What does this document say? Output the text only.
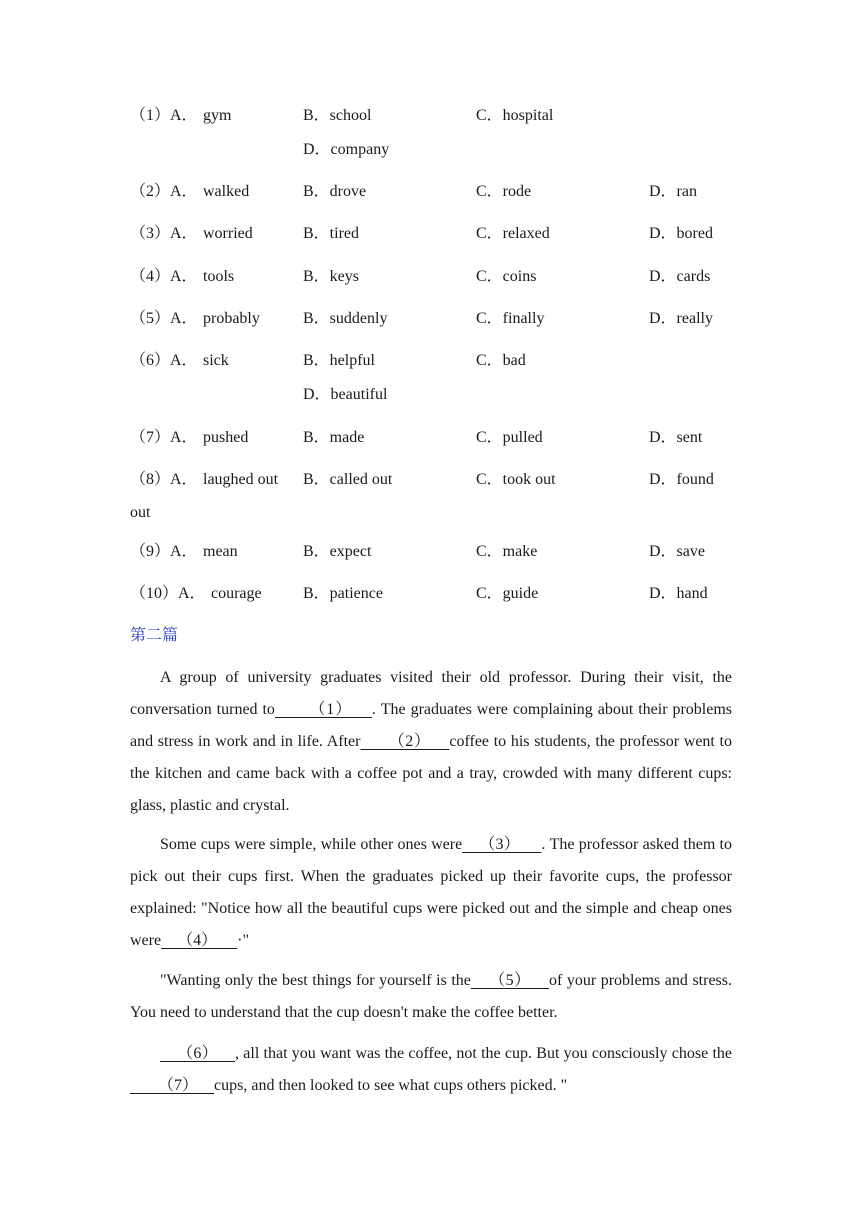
（1）A． gym	B．school	C．hospital
D．company
（2）A． walked	B．drove	C．rode	D．ran
（3）A． worried	B．tired	C．relaxed	D．bored
（4）A． tools	B．keys	C．coins	D．cards
（5）A． probably	B．suddenly	C．finally	D．really
（6）A． sick	B．helpful	C．bad
D．beautiful
（7）A． pushed	B．made	C．pulled	D．sent
（8）A． laughed out B．called out	C．took out	D．found
out
（9）A． mean	B．expect	C．make	D．save
（10）A． courage	B．patience	C．guide	D．hand
第二篇

A group of university graduates visited their old professor. During their visit, the conversation turned to       （1）    . The graduates were complaining about their problems and stress in work and in life. After      （2）    coffee to his students, the professor went to the kitchen and came back with a coffee pot and a tray, crowded with many different cups: glass, plastic and crystal.

Some cups were simple, while other ones were    （3）     . The professor asked them to pick out their cups first. When the graduates picked up their favorite cups, the professor explained: "Notice how all the beautiful cups were picked out and the simple and cheap ones were    （4）     ·"

"Wanting only the best things for yourself is the    （5）    of your problems and stress. You need to understand that the cup doesn't make the coffee better.

（6）    , all that you want was the coffee, not the cup. But you consciously chose the       （7）    cups, and then looked to see what cups others picked. "
